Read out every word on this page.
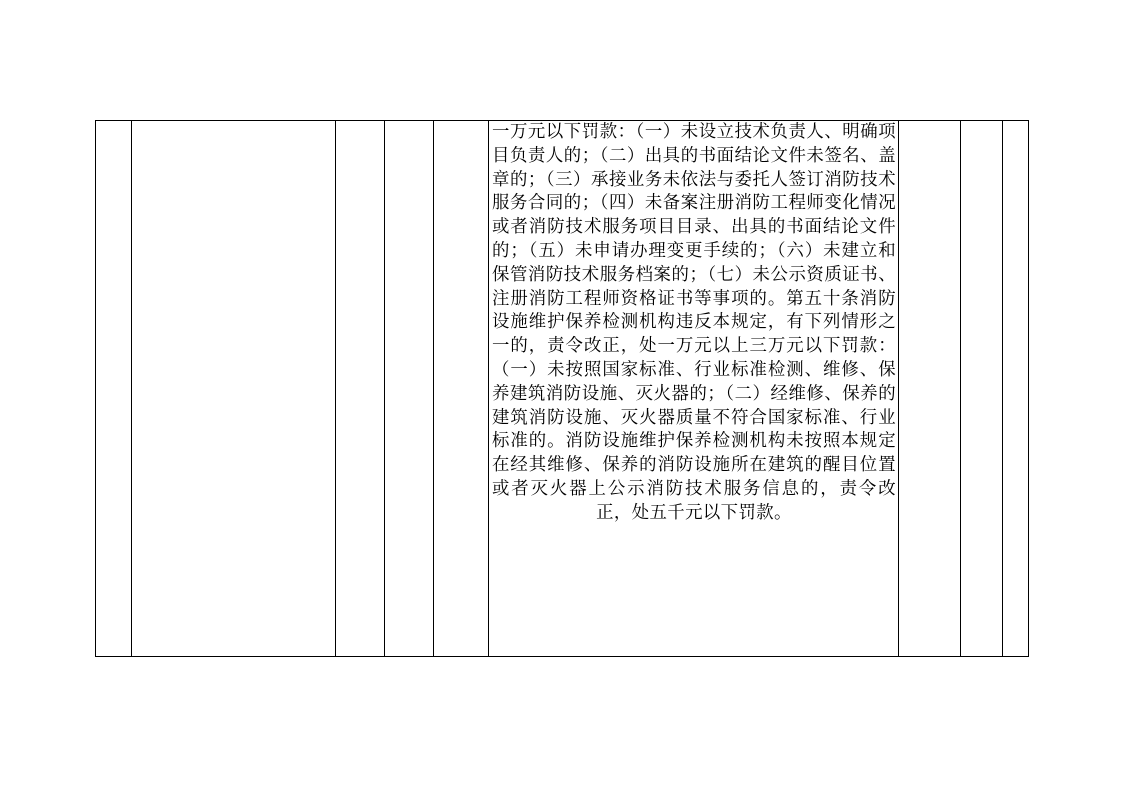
一万元以下罚款：（一）未设立技术负责人、明确项目负责人的；（二）出具的书面结论文件未签名、盖章的；（三）承接业务未依法与委托人签订消防技术服务合同的；（四）未备案注册消防工程师变化情况或者消防技术服务项目目录、出具的书面结论文件的；（五）未申请办理变更手续的；（六）未建立和保管消防技术服务档案的；（七）未公示资质证书、注册消防工程师资格证书等事项的。第五十条消防设施维护保养检测机构违反本规定，有下列情形之一的，责令改正，处一万元以上三万元以下罚款：（一）未按照国家标准、行业标准检测、维修、保养建筑消防设施、灭火器的；（二）经维修、保养的建筑消防设施、灭火器质量不符合国家标准、行业标准的。消防设施维护保养检测机构未按照本规定在经其维修、保养的消防设施所在建筑的醒目位置或者灭火器上公示消防技术服务信息的，责令改正，处五千元以下罚款。
